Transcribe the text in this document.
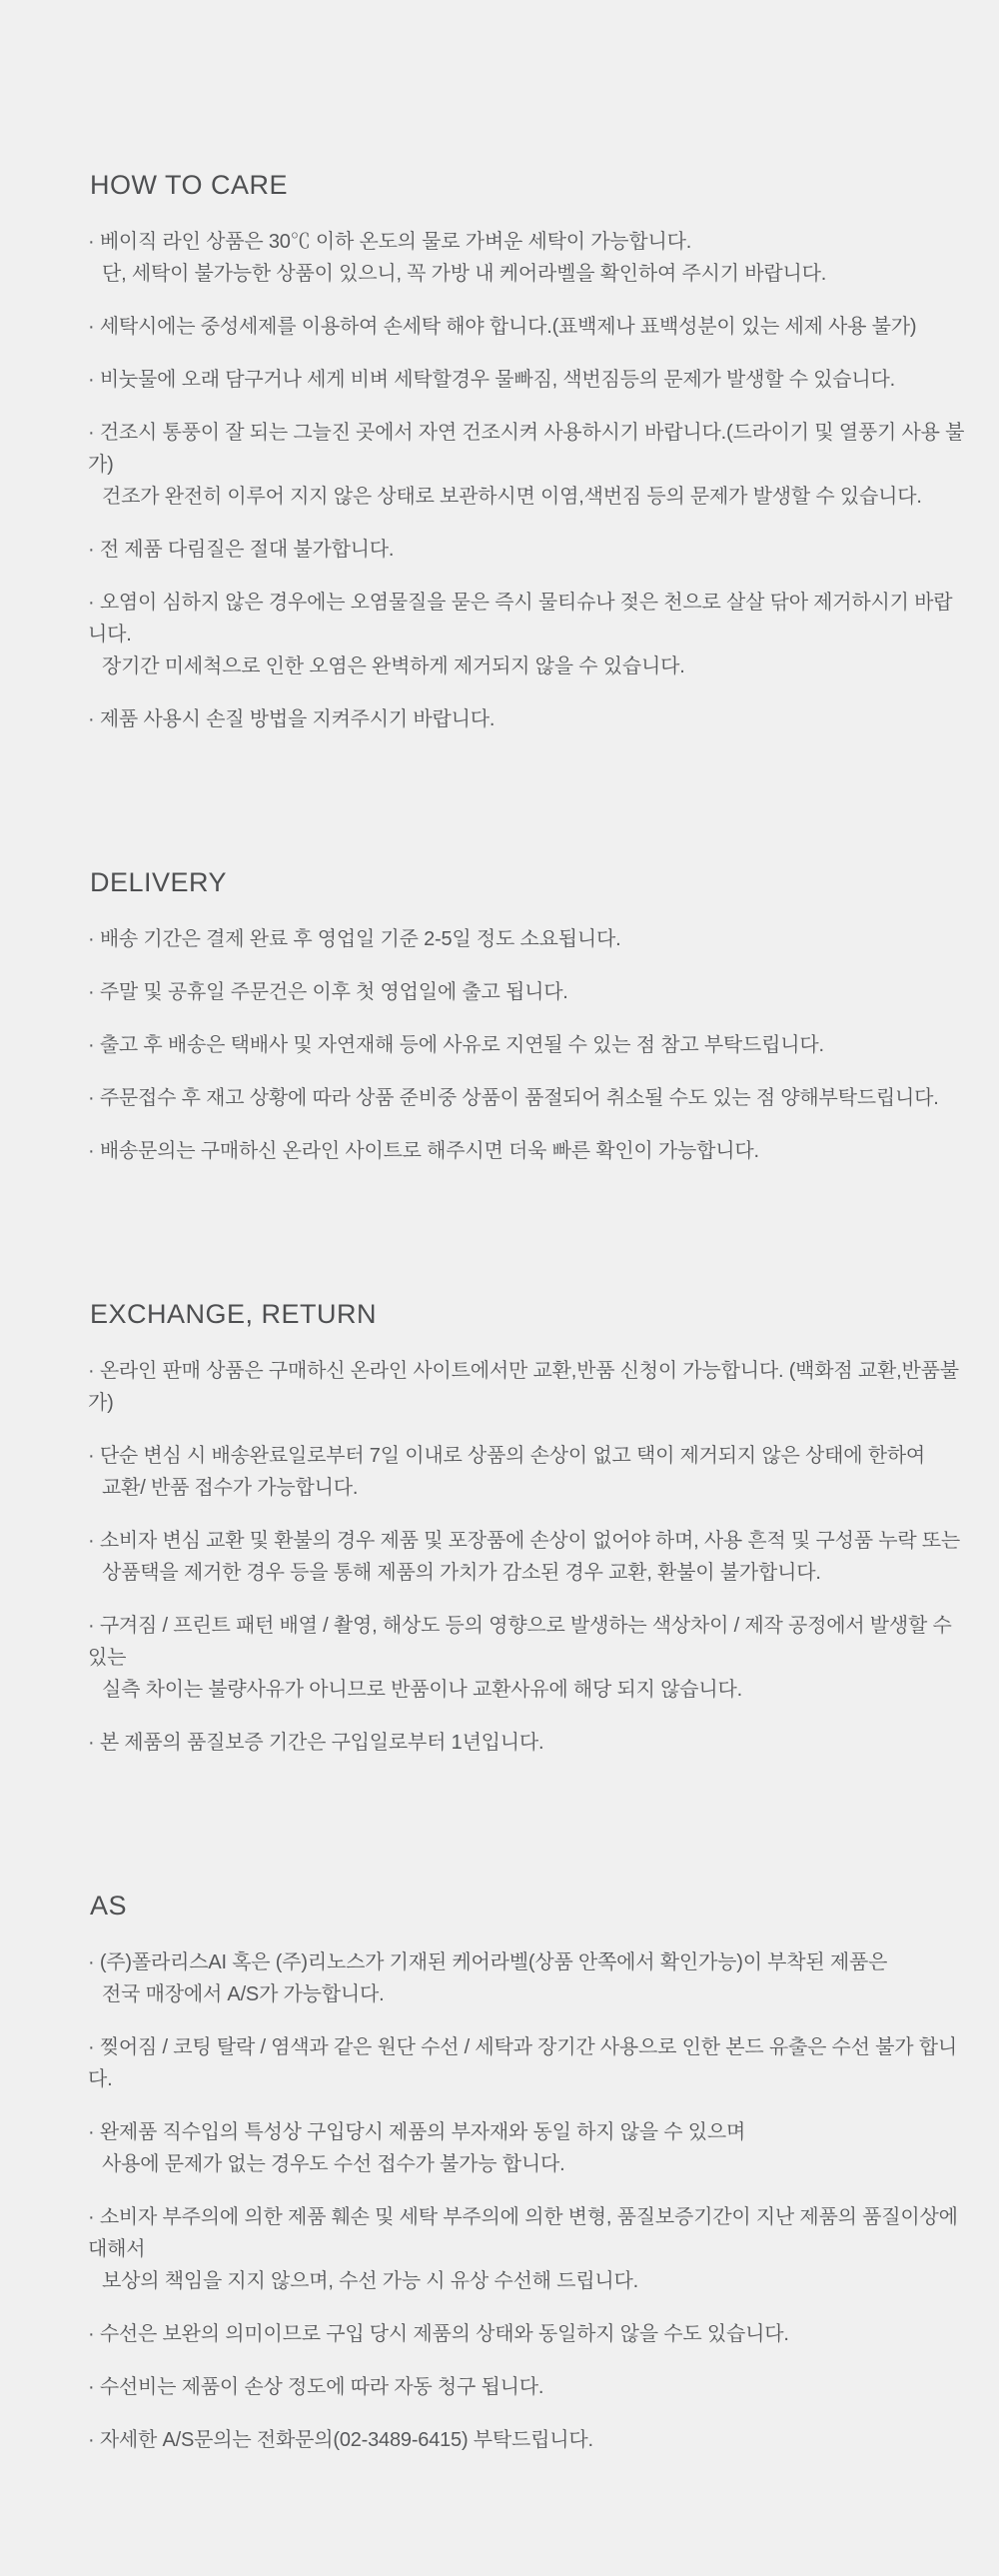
HOW TO CARE
· 베이직 라인 상품은 30℃ 이하 온도의 물로 가벼운 세탁이 가능합니다.
단, 세탁이 불가능한 상품이 있으니, 꼭 가방 내 케어라벨을 확인하여 주시기 바랍니다.
· 세탁시에는 중성세제를 이용하여 손세탁 해야 합니다.(표백제나 표백성분이 있는 세제 사용 불가)
· 비눗물에 오래 담구거나 세게 비벼 세탁할경우 물빠짐, 색번짐등의 문제가 발생할 수 있습니다.
· 건조시 통풍이 잘 되는 그늘진 곳에서 자연 건조시켜 사용하시기 바랍니다.(드라이기 및 열풍기 사용 불가)
건조가 완전히 이루어 지지 않은 상태로 보관하시면 이염,색번짐 등의 문제가 발생할 수 있습니다.
· 전 제품 다림질은 절대 불가합니다.
· 오염이 심하지 않은 경우에는 오염물질을 묻은 즉시 물티슈나 젖은 천으로 살살 닦아 제거하시기 바랍니다.
장기간 미세척으로 인한 오염은 완벽하게 제거되지 않을 수 있습니다.
· 제품 사용시 손질 방법을 지켜주시기 바랍니다.
DELIVERY
· 배송 기간은 결제 완료 후 영업일 기준 2-5일 정도 소요됩니다.
· 주말 및 공휴일 주문건은 이후 첫 영업일에 출고 됩니다.
· 출고 후 배송은 택배사 및 자연재해 등에 사유로 지연될 수 있는 점 참고 부탁드립니다.
· 주문접수 후 재고 상황에 따라 상품 준비중 상품이 품절되어 취소될 수도 있는 점 양해부탁드립니다.
· 배송문의는 구매하신 온라인 사이트로 해주시면 더욱 빠른 확인이 가능합니다.
EXCHANGE, RETURN
· 온라인 판매 상품은 구매하신 온라인 사이트에서만 교환,반품 신청이 가능합니다. (백화점 교환,반품불가)
· 단순 변심 시 배송완료일로부터 7일 이내로 상품의 손상이 없고 택이 제거되지 않은 상태에 한하여
교환/ 반품 접수가 가능합니다.
· 소비자 변심 교환 및 환불의 경우 제품 및 포장품에 손상이 없어야 하며, 사용 흔적 및 구성품 누락 또는
상품택을 제거한 경우 등을 통해 제품의 가치가 감소된 경우 교환, 환불이 불가합니다.
· 구겨짐 / 프린트 패턴 배열 / 촬영, 해상도 등의 영향으로 발생하는 색상차이 / 제작 공정에서 발생할 수 있는
실측 차이는 불량사유가 아니므로 반품이나 교환사유에 해당 되지 않습니다.
· 본 제품의 품질보증 기간은 구입일로부터 1년입니다.
AS
· (주)폴라리스AI 혹은 (주)리노스가 기재된 케어라벨(상품 안쪽에서 확인가능)이 부착된 제품은
전국 매장에서 A/S가 가능합니다.
· 찢어짐 / 코팅 탈락 / 염색과 같은 원단 수선 / 세탁과 장기간 사용으로 인한 본드 유출은 수선 불가 합니다.
· 완제품 직수입의 특성상 구입당시 제품의 부자재와 동일 하지 않을 수 있으며
사용에 문제가 없는 경우도 수선 접수가 불가능 합니다.
· 소비자 부주의에 의한 제품 훼손 및 세탁 부주의에 의한 변형, 품질보증기간이 지난 제품의 품질이상에 대해서
보상의 책임을 지지 않으며, 수선 가능 시 유상 수선해 드립니다.
· 수선은 보완의 의미이므로 구입 당시 제품의 상태와 동일하지 않을 수도 있습니다.
· 수선비는 제품이 손상 정도에 따라 자동 청구 됩니다.
· 자세한 A/S문의는 전화문의(02-3489-6415) 부탁드립니다.
